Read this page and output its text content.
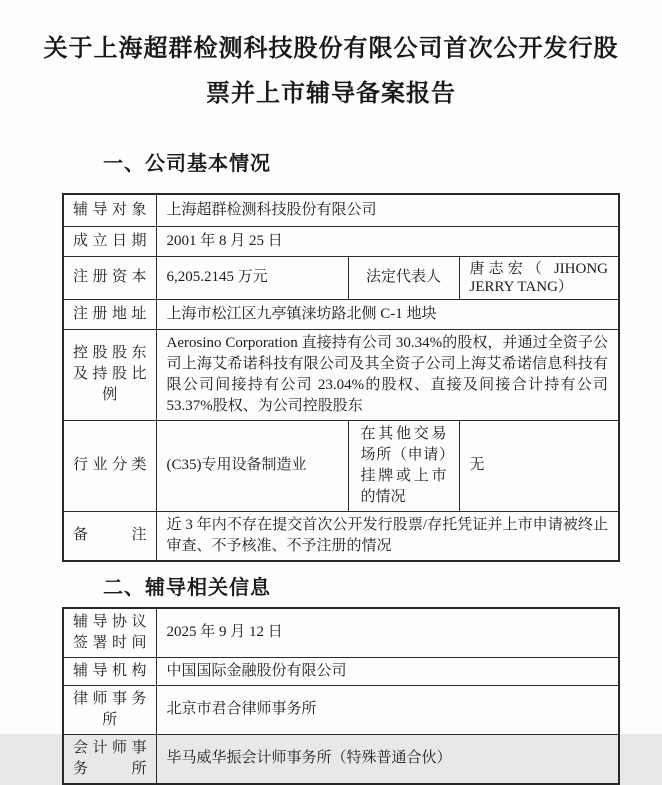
关于上海超群检测科技股份有限公司首次公开发行股
票并上市辅导备案报告
一、公司基本情况
辅 导 对 象	上海超群检测科技股份有限公司		

成 立 日 期	2001 年 8 月 25 日		

注 册 资 本	6,205.2145 万元	法定代表人	唐志宏（ JIHONG JERRY TANG）

注 册 地 址	上海市松江区九亭镇涞坊路北侧 C-1 地块		

控 股 股 东
及 持 股 比
例	Aerosino Corporation 直接持有公司 30.34%的股权，并通过全资子公司上海艾希诺科技有限公司及其全资子公司上海艾希诺信息科技有限公司间接持有公司 23.04%的股权、直接及间接合计持有公司 53.37%股权、为公司控股股东		

行 业 分 类	(C35)专用设备制造业	在其他交易场所（申请）挂牌或上市的情况	无

备 注	近 3 年内不存在提交首次公开发行股票/存托凭证并上市申请被终止审查、不予核准、不予注册的情况		
二、辅导相关信息
辅 导 协 议
签 署 时 间	2025 年 9 月 12 日

辅 导 机 构	中国国际金融股份有限公司

律 师 事 务
所	北京市君合律师事务所

会 计 师 事
务 所	毕马威华振会计师事务所（特殊普通合伙）
